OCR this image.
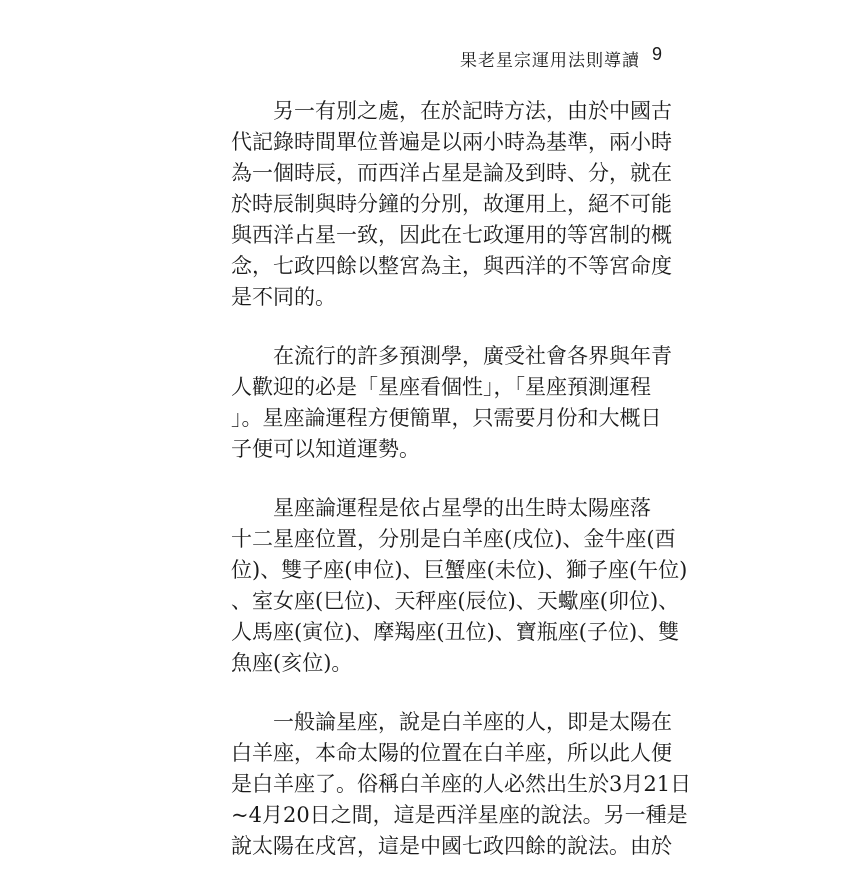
果老星宗運用法則導讀 9

　　另一有別之處，在於記時方法，由於中國古
代記錄時間單位普遍是以兩小時為基準，兩小時
為一個時辰，而西洋占星是論及到時、分，就在
於時辰制與時分鐘的分別，故運用上，絕不可能
與西洋占星一致，因此在七政運用的等宮制的概
念，七政四餘以整宮為主，與西洋的不等宮命度
是不同的。

　　在流行的許多預測學，廣受社會各界與年青
人歡迎的必是「星座看個性」，「星座預測運程
」。星座論運程方便簡單，只需要月份和大概日
子便可以知道運勢。

　　星座論運程是依占星學的出生時太陽座落
十二星座位置，分別是白羊座(戌位)、金牛座(酉
位)、雙子座(申位)、巨蟹座(未位)、獅子座(午位)
、室女座(巳位)、天秤座(辰位)、天蠍座(卯位)、
人馬座(寅位)、摩羯座(丑位)、寶瓶座(子位)、雙
魚座(亥位)。

　　一般論星座，說是白羊座的人，即是太陽在
白羊座，本命太陽的位置在白羊座，所以此人便
是白羊座了。俗稱白羊座的人必然出生於3月21日
~4月20日之間，這是西洋星座的說法。另一種是
說太陽在戌宮，這是中國七政四餘的說法。由於
